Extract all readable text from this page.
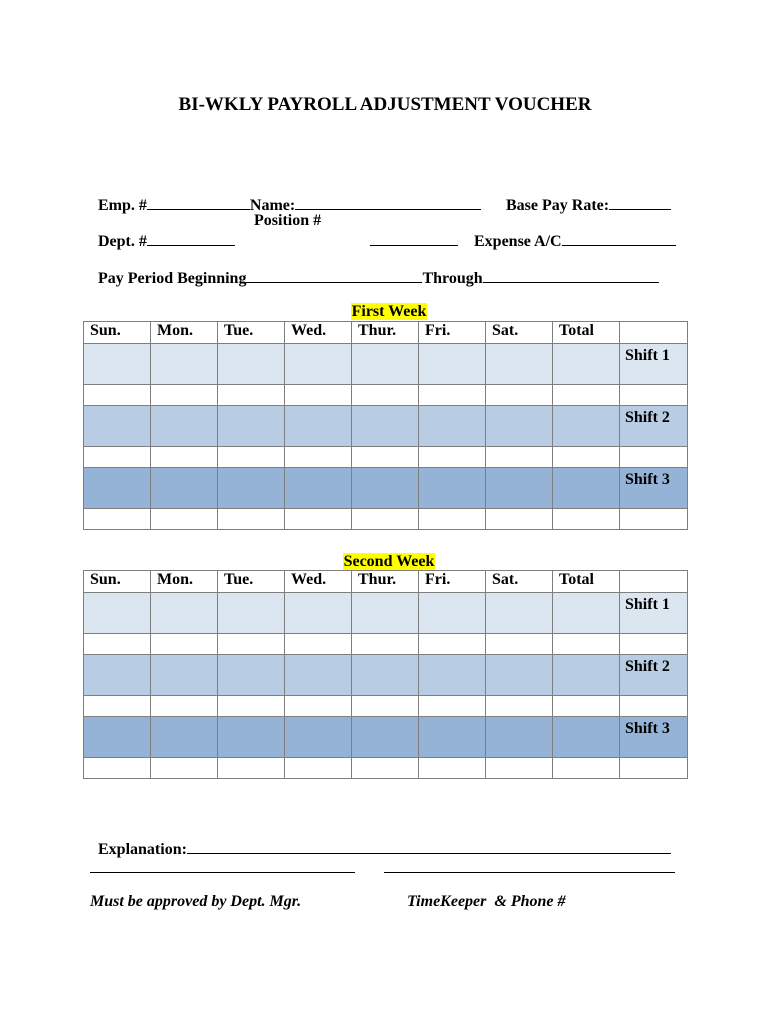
BI-WKLY PAYROLL ADJUSTMENT VOUCHER

Emp. #	Name:	Base Pay Rate:

Dept. #

Position #

Expense A/C

Pay Period Beginning	Through

First Week

Sun.	Mon.	Tue.	Wed.	Thur.	Fri.	Sat.	Total	

								Shift 1

								Shift 2

								Shift 3

Second Week

Sun.	Mon.	Tue.	Wed.	Thur.	Fri.	Sat.	Total	

								Shift 1

								Shift 2

								Shift 3

Explanation:

Must be approved by Dept. Mgr.	TimeKeeper  & Phone #
